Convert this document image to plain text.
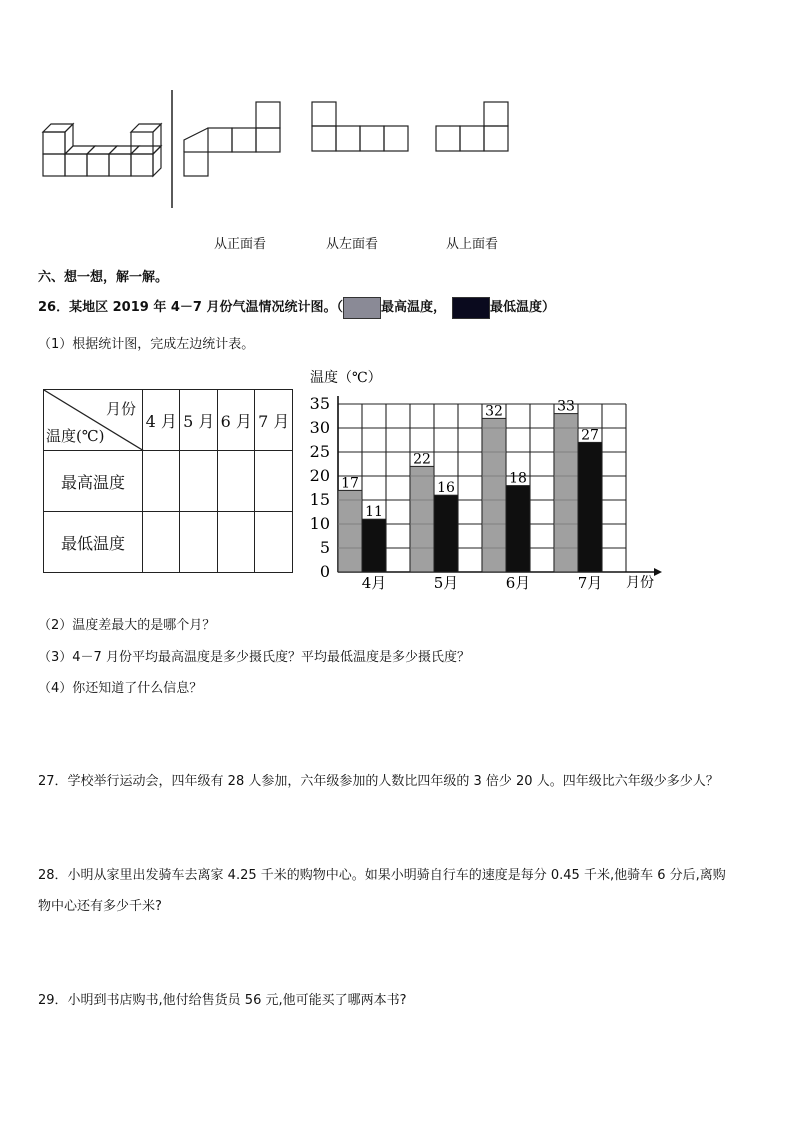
从正面看	从左面看	从上面看
六、想一想，解一解。
26．某地区 2019 年 4－7 月份气温情况统计图。（	最高温度，	最低温度）
（1）根据统计图，完成左边统计表。
月份
温度(℃)	4 月	5 月	6 月	7 月
最高温度				
最低温度				
温度（℃）
月份
0
5
10
15
20
25
30
35
17
11
4月
22
16
5月
32
18
6月
33
27
7月
（2）温度差最大的是哪个月？
（3）4－7 月份平均最高温度是多少摄氏度？平均最低温度是多少摄氏度？
（4）你还知道了什么信息？
27．学校举行运动会，四年级有 28 人参加，六年级参加的人数比四年级的 3 倍少 20 人。四年级比六年级少多少人？
28．小明从家里出发骑车去离家 4.25 千米的购物中心。如果小明骑自行车的速度是每分 0.45 千米,他骑车 6 分后,离购
物中心还有多少千米?
29．小明到书店购书,他付给售货员 56 元,他可能买了哪两本书?
